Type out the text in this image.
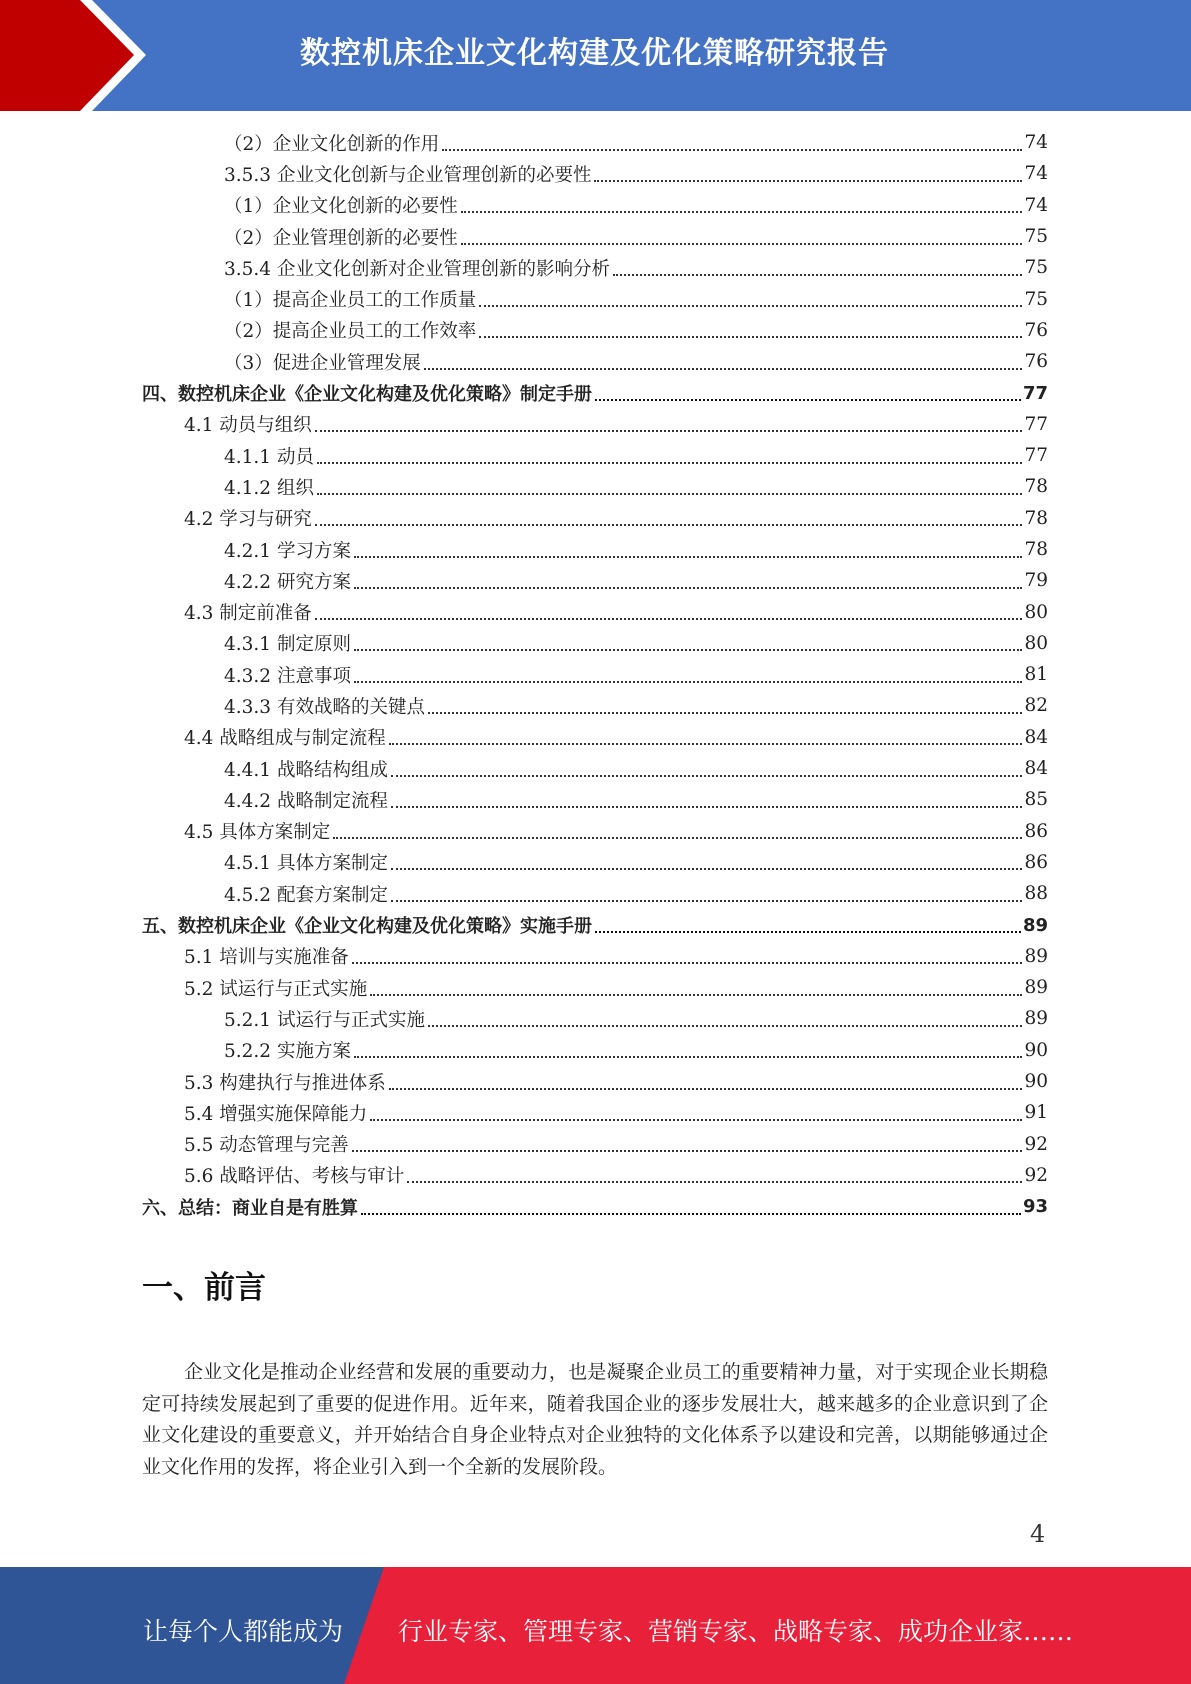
数控机床企业文化构建及优化策略研究报告
（2）企业文化创新的作用	74
3.5.3 企业文化创新与企业管理创新的必要性	74
（1）企业文化创新的必要性	74
（2）企业管理创新的必要性	75
3.5.4 企业文化创新对企业管理创新的影响分析	75
（1）提高企业员工的工作质量	75
（2）提高企业员工的工作效率	76
（3）促进企业管理发展	76
四、数控机床企业《企业文化构建及优化策略》制定手册	77
4.1 动员与组织	77
4.1.1 动员	77
4.1.2 组织	78
4.2 学习与研究	78
4.2.1 学习方案	78
4.2.2 研究方案	79
4.3 制定前准备	80
4.3.1 制定原则	80
4.3.2 注意事项	81
4.3.3 有效战略的关键点	82
4.4 战略组成与制定流程	84
4.4.1 战略结构组成	84
4.4.2 战略制定流程	85
4.5 具体方案制定	86
4.5.1 具体方案制定	86
4.5.2 配套方案制定	88
五、数控机床企业《企业文化构建及优化策略》实施手册	89
5.1 培训与实施准备	89
5.2 试运行与正式实施	89
5.2.1 试运行与正式实施	89
5.2.2 实施方案	90
5.3 构建执行与推进体系	90
5.4 增强实施保障能力	91
5.5 动态管理与完善	92
5.6 战略评估、考核与审计	92
六、总结：商业自是有胜算	93
一、前言
企业文化是推动企业经营和发展的重要动力，也是凝聚企业员工的重要精神力量，对于实现企业长期稳定可持续发展起到了重要的促进作用。近年来，随着我国企业的逐步发展壮大，越来越多的企业意识到了企业文化建设的重要意义，并开始结合自身企业特点对企业独特的文化体系予以建设和完善，以期能够通过企业文化作用的发挥，将企业引入到一个全新的发展阶段。
4
让每个人都能成为 行业专家、管理专家、营销专家、战略专家、成功企业家……
